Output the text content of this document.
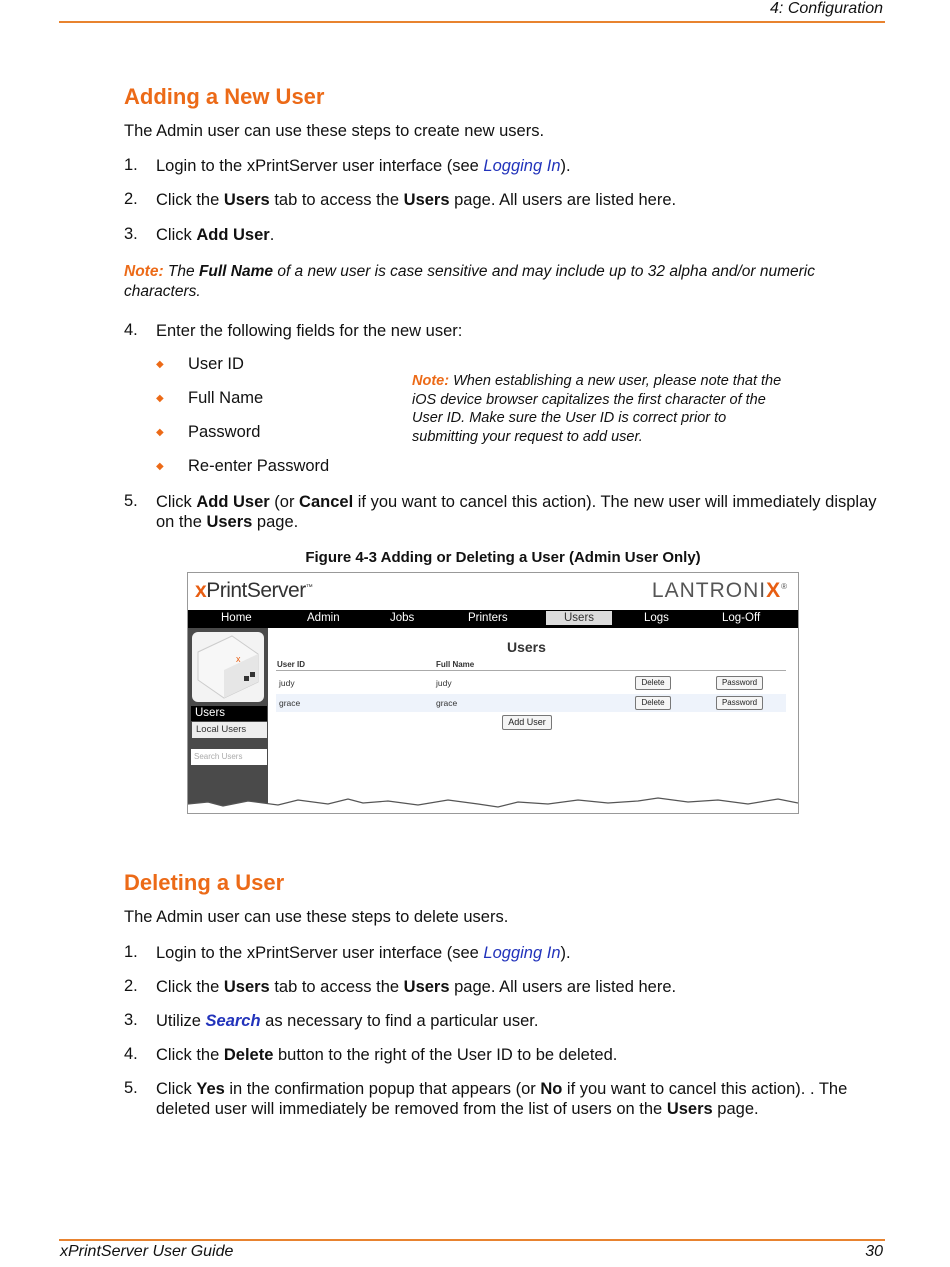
4: Configuration
Adding a New User

The Admin user can use these steps to create new users.

1. Login to the xPrintServer user interface (see Logging In).
2. Click the Users tab to access the Users page. All users are listed here.
3. Click Add User.
Note: The Full Name of a new user is case sensitive and may include up to 32 alpha and/or numeric characters.
4. Enter the following fields for the new user:
◆ User ID
◆ Full Name
◆ Password
◆ Re-enter Password
Note: When establishing a new user, please note that the iOS device browser capitalizes the first character of the User ID. Make sure the User ID is correct prior to submitting your request to add user.
5. Click Add User (or Cancel if you want to cancel this action). The new user will immediately display on the Users page.
Figure 4-3 Adding or Deleting a User (Admin User Only)
xPrintServer™	LANTRONIX®
Home	Admin	Jobs	Printers	Users	Logs	Log-Off
x
Users
Local Users
Search Users
Users
User ID	Full Name
judy	judy	Delete	Password
grace	grace	Delete	Password
Add User
Deleting a User

The Admin user can use these steps to delete users.

1. Login to the xPrintServer user interface (see Logging In).
2. Click the Users tab to access the Users page. All users are listed here.
3. Utilize Search as necessary to find a particular user.
4. Click the Delete button to the right of the User ID to be deleted.
5. Click Yes in the confirmation popup that appears (or No if you want to cancel this action). . The deleted user will immediately be removed from the list of users on the Users page.
xPrintServer User Guide	30
